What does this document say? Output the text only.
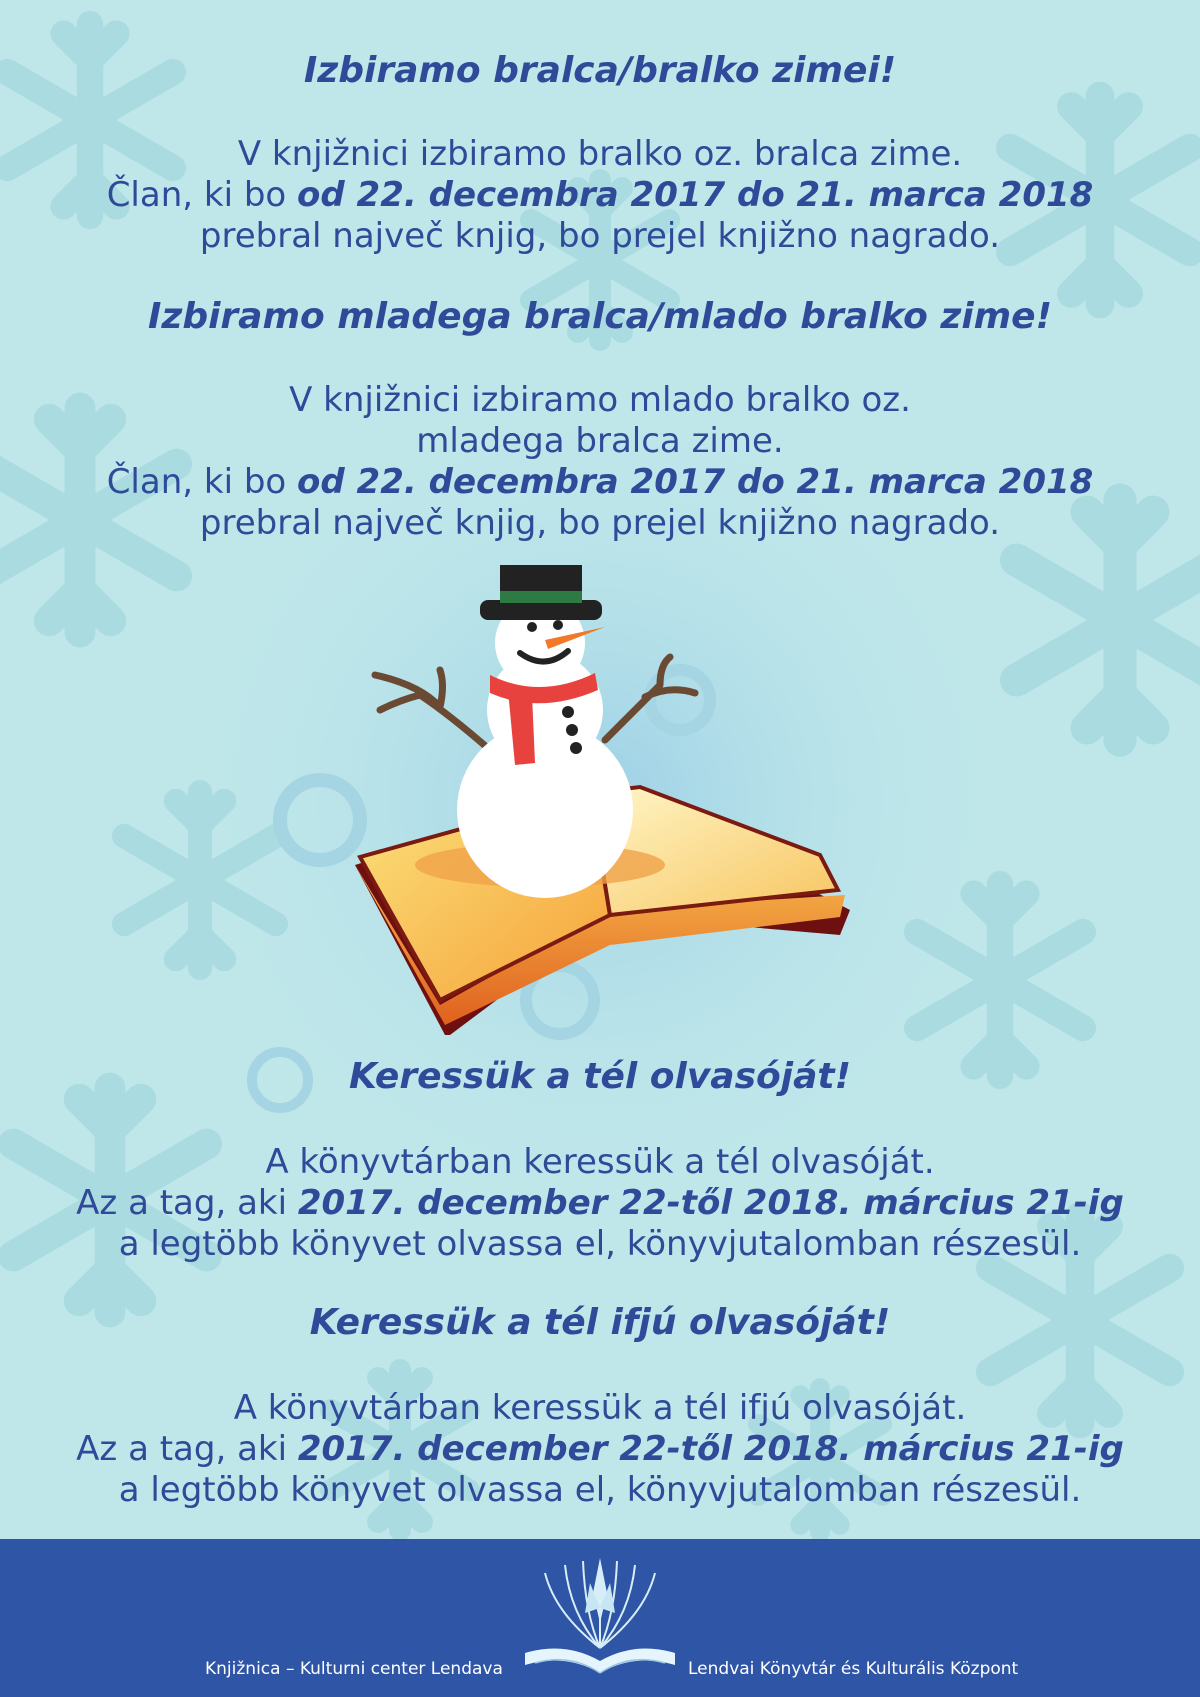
Izbiramo bralca/bralko zimei!
V knjižnici izbiramo bralko oz. bralca zime.
Član, ki bo od 22. decembra 2017 do 21. marca 2018
prebral največ knjig, bo prejel knjižno nagrado.
Izbiramo mladega bralca/mlado bralko zime!
V knjižnici izbiramo mlado bralko oz.
mladega bralca zime.
Član, ki bo od 22. decembra 2017 do 21. marca 2018
prebral največ knjig, bo prejel knjižno nagrado.
Keressük a tél olvasóját!
A könyvtárban keressük a tél olvasóját.
Az a tag, aki 2017. december 22-től 2018. március 21-ig
a legtöbb könyvet olvassa el, könyvjutalomban részesül.
Keressük a tél ifjú olvasóját!
A könyvtárban keressük a tél ifjú olvasóját.
Az a tag, aki 2017. december 22-től 2018. március 21-ig
a legtöbb könyvet olvassa el, könyvjutalomban részesül.
Knjižnica – Kulturni center Lendava	Lendvai Könyvtár és Kulturális Központ
